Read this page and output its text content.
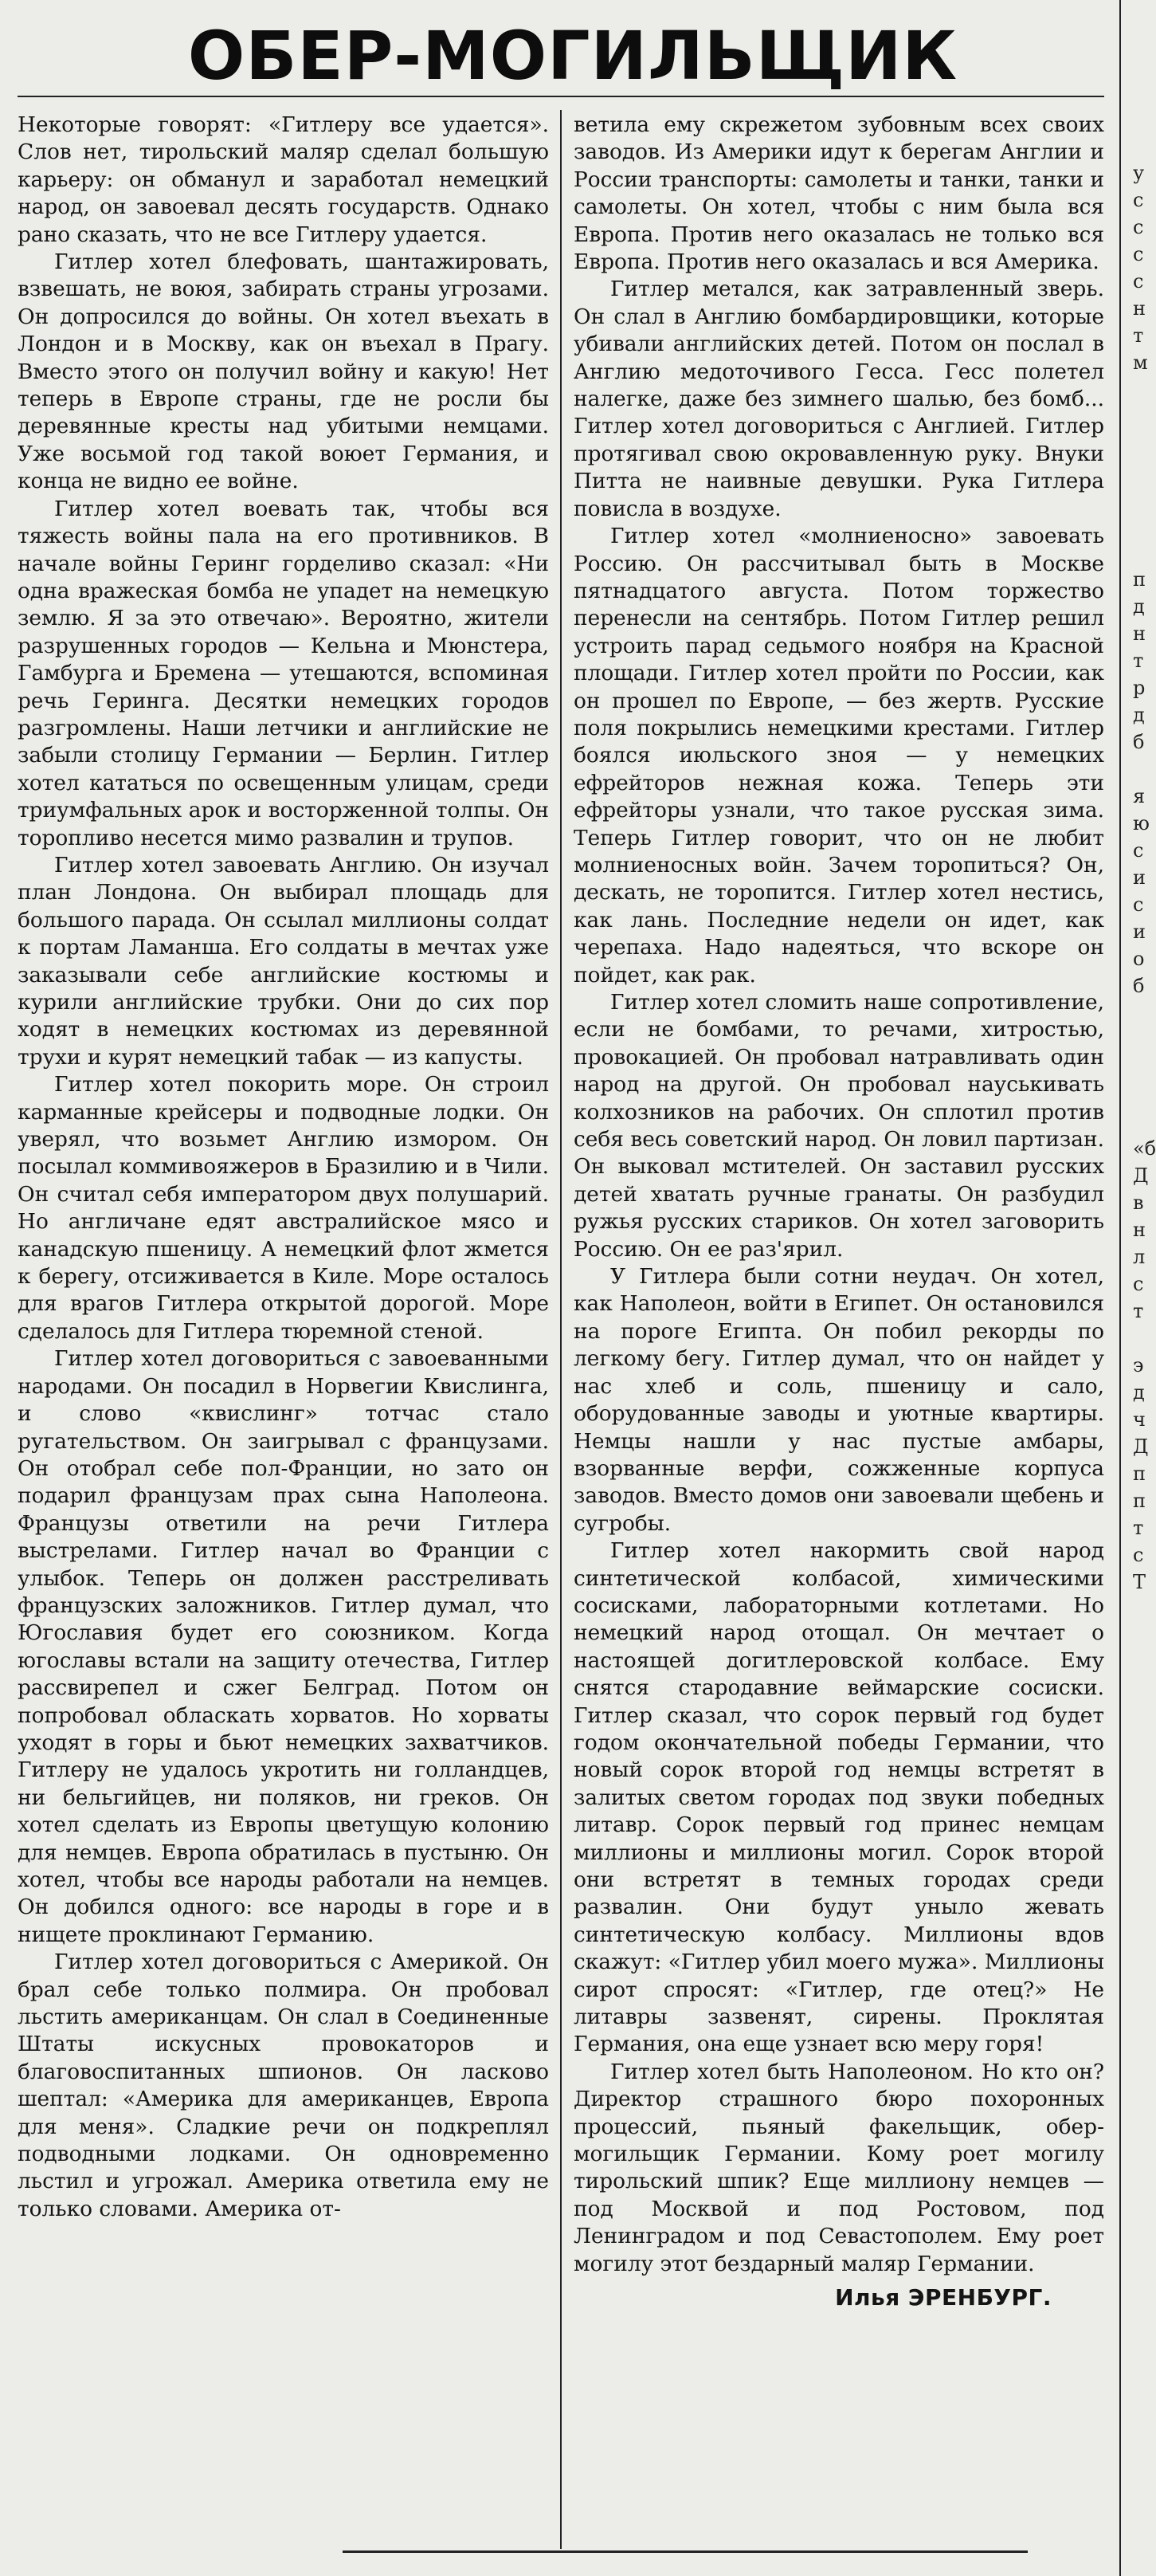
ОБЕР-МОГИЛЬЩИК

Некоторые говорят: «Гитлеру все удается». Слов нет, тирольский маляр сделал большую карьеру: он обманул и заработал немецкий народ, он завоевал десять государств. Однако рано сказать, что не все Гитлеру удается.

Гитлер хотел блефовать, шантажировать, взвешать, не воюя, забирать страны угрозами. Он допросился до войны. Он хотел въехать в Лондон и в Москву, как он въехал в Прагу. Вместо этого он получил войну и какую! Нет теперь в Европе страны, где не росли бы деревянные кресты над убитыми немцами. Уже восьмой год такой воюет Германия, и конца не видно ее войне.

Гитлер хотел воевать так, чтобы вся тяжесть войны пала на его противников. В начале войны Геринг горделиво сказал: «Ни одна вражеская бомба не упадет на немецкую землю. Я за это отвечаю». Вероятно, жители разрушенных городов — Кельна и Мюнстера, Гамбурга и Бремена — утешаются, вспоминая речь Геринга. Десятки немецких городов разгромлены. Наши летчики и английские не забыли столицу Германии — Берлин. Гитлер хотел кататься по освещенным улицам, среди триумфальных арок и восторженной толпы. Он торопливо несется мимо развалин и трупов.

Гитлер хотел завоевать Англию. Он изучал план Лондона. Он выбирал площадь для большого парада. Он ссылал миллионы солдат к портам Ламанша. Его солдаты в мечтах уже заказывали себе английские костюмы и курили английские трубки. Они до сих пор ходят в немецких костюмах из деревянной трухи и курят немецкий табак — из капусты.

Гитлер хотел покорить море. Он строил карманные крейсеры и подводные лодки. Он уверял, что возьмет Англию измором. Он посылал коммивояжеров в Бразилию и в Чили. Он считал себя императором двух полушарий. Но англичане едят австралийское мясо и канадскую пшеницу. А немецкий флот жмется к берегу, отсиживается в Киле. Море осталось для врагов Гитлера открытой дорогой. Море сделалось для Гитлера тюремной стеной.

Гитлер хотел договориться с завоеванными народами. Он посадил в Норвегии Квислинга, и слово «квислинг» тотчас стало ругательством. Он заигрывал с французами. Он отобрал себе пол-Франции, но зато он подарил французам прах сына Наполеона. Французы ответили на речи Гитлера выстрелами. Гитлер начал во Франции с улыбок. Теперь он должен расстреливать французских заложников. Гитлер думал, что Югославия будет его союзником. Когда югославы встали на защиту отечества, Гитлер рассвирепел и сжег Белград. Потом он попробовал обласкать хорватов. Но хорваты уходят в горы и бьют немецких захватчиков. Гитлеру не удалось укротить ни голландцев, ни бельгийцев, ни поляков, ни греков. Он хотел сделать из Европы цветущую колонию для немцев. Европа обратилась в пустыню. Он хотел, чтобы все народы работали на немцев. Он добился одного: все народы в горе и в нищете проклинают Германию.

Гитлер хотел договориться с Америкой. Он брал себе только полмира. Он пробовал льстить американцам. Он слал в Соединенные Штаты искусных провокаторов и благовоспитанных шпионов. Он ласково шептал: «Америка для американцев, Европа для меня». Сладкие речи он подкреплял подводными лодками. Он одновременно льстил и угрожал. Америка ответила ему не только словами. Америка от-

ветила ему скрежетом зубовным всех своих заводов. Из Америки идут к берегам Англии и России транспорты: самолеты и танки, танки и самолеты. Он хотел, чтобы с ним была вся Европа. Против него оказалась не только вся Европа. Против него оказалась и вся Америка.

Гитлер метался, как затравленный зверь. Он слал в Англию бомбардировщики, которые убивали английских детей. Потом он послал в Англию медоточивого Гесса. Гесс полетел налегке, даже без зимнего шалью, без бомб... Гитлер хотел договориться с Англией. Гитлер протягивал свою окровавленную руку. Внуки Питта не наивные девушки. Рука Гитлера повисла в воздухе.

Гитлер хотел «молниеносно» завоевать Россию. Он рассчитывал быть в Москве пятнадцатого августа. Потом торжество перенесли на сентябрь. Потом Гитлер решил устроить парад седьмого ноября на Красной площади. Гитлер хотел пройти по России, как он прошел по Европе, — без жертв. Русские поля покрылись немецкими крестами. Гитлер боялся июльского зноя — у немецких ефрейторов нежная кожа. Теперь эти ефрейторы узнали, что такое русская зима. Теперь Гитлер говорит, что он не любит молниеносных войн. Зачем торопиться? Он, дескать, не торопится. Гитлер хотел нестись, как лань. Последние недели он идет, как черепаха. Надо надеяться, что вскоре он пойдет, как рак.

Гитлер хотел сломить наше сопротивление, если не бомбами, то речами, хитростью, провокацией. Он пробовал натравливать один народ на другой. Он пробовал науськивать колхозников на рабочих. Он сплотил против себя весь советский народ. Он ловил партизан. Он выковал мстителей. Он заставил русских детей хватать ручные гранаты. Он разбудил ружья русских стариков. Он хотел заговорить Россию. Он ее раз'ярил.

У Гитлера были сотни неудач. Он хотел, как Наполеон, войти в Египет. Он остановился на пороге Египта. Он побил рекорды по легкому бегу. Гитлер думал, что он найдет у нас хлеб и соль, пшеницу и сало, оборудованные заводы и уютные квартиры. Немцы нашли у нас пустые амбары, взорванные верфи, сожженные корпуса заводов. Вместо домов они завоевали щебень и сугробы.

Гитлер хотел накормить свой народ синтетической колбасой, химическими сосисками, лабораторными котлетами. Но немецкий народ отощал. Он мечтает о настоящей догитлеровской колбасе. Ему снятся стародавние веймарские сосиски. Гитлер сказал, что сорок первый год будет годом окончательной победы Германии, что новый сорок второй год немцы встретят в залитых светом городах под звуки победных литавр. Сорок первый год принес немцам миллионы и миллионы могил. Сорок второй они встретят в темных городах среди развалин. Они будут уныло жевать синтетическую колбасу. Миллионы вдов скажут: «Гитлер убил моего мужа». Миллионы сирот спросят: «Гитлер, где отец?» Не литавры зазвенят, сирены. Проклятая Германия, она еще узнает всю меру горя!

Гитлер хотел быть Наполеоном. Но кто он? Директор страшного бюро похоронных процессий, пьяный факельщик, обер-могильщик Германии. Кому роет могилу тирольский шпик? Еще миллиону немцев — под Москвой и под Ростовом, под Ленинградом и под Севастополем. Ему роет могилу этот бездарный маляр Германии.

Илья ЭРЕНБУРГ.
у
с
с
с
с
н
т
м
п
д
н
т
р
д
б
я
ю
с
и
с
и
о
б
«б
Д
в
н
л
с
т
э
д
ч
Д
п
п
т
с
Т
